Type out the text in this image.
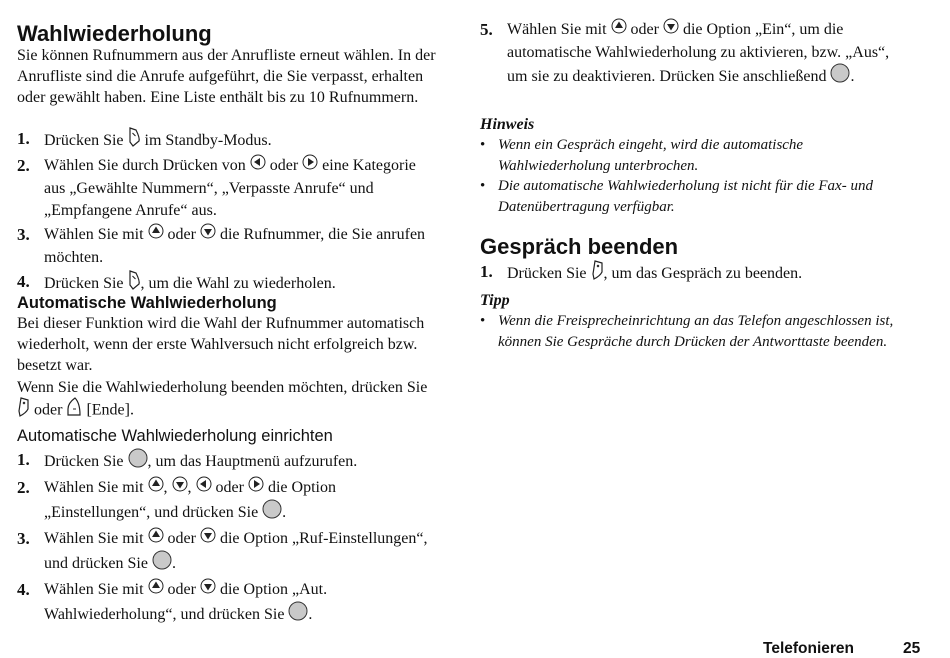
Wahlwiederholung

Sie können Rufnummern aus der Anrufliste erneut wählen. In der Anrufliste sind die Anrufe aufgeführt, die Sie verpasst, erhalten oder gewählt haben. Eine Liste enthält bis zu 10 Rufnummern.

1. Drücken Sie  im Standby-Modus.
2. Wählen Sie durch Drücken von  oder  eine Kategorie aus „Gewählte Nummern“, „Verpasste Anrufe“ und „Empfangene Anrufe“ aus.
3. Wählen Sie mit  oder  die Rufnummer, die Sie anrufen möchten.
4. Drücken Sie , um die Wahl zu wiederholen.

Automatische Wahlwiederholung

Bei dieser Funktion wird die Wahl der Rufnummer automatisch wiederholt, wenn der erste Wahlversuch nicht erfolgreich bzw. besetzt war.

Wenn Sie die Wahlwiederholung beenden möchten, drücken Sie  oder  [Ende].

Automatische Wahlwiederholung einrichten

1. Drücken Sie , um das Hauptmenü aufzurufen.
2. Wählen Sie mit , ,  oder  die Option „Einstellungen“, und drücken Sie .
3. Wählen Sie mit  oder  die Option „Ruf-Einstellungen“, und drücken Sie .
4. Wählen Sie mit  oder  die Option „Aut. Wahlwiederholung“, und drücken Sie .
5. Wählen Sie mit  oder  die Option „Ein“, um die automatische Wahlwiederholung zu aktivieren, bzw. „Aus“, um sie zu deaktivieren. Drücken Sie anschließend .

Hinweis

• Wenn ein Gespräch eingeht, wird die automatische Wahlwiederholung unterbrochen.
• Die automatische Wahlwiederholung ist nicht für die Fax- und Datenübertragung verfügbar.

Gespräch beenden

1. Drücken Sie , um das Gespräch zu beenden.

Tipp

• Wenn die Freisprecheinrichtung an das Telefon angeschlossen ist, können Sie Gespräche durch Drücken der Antworttaste beenden.
Telefonieren	25
